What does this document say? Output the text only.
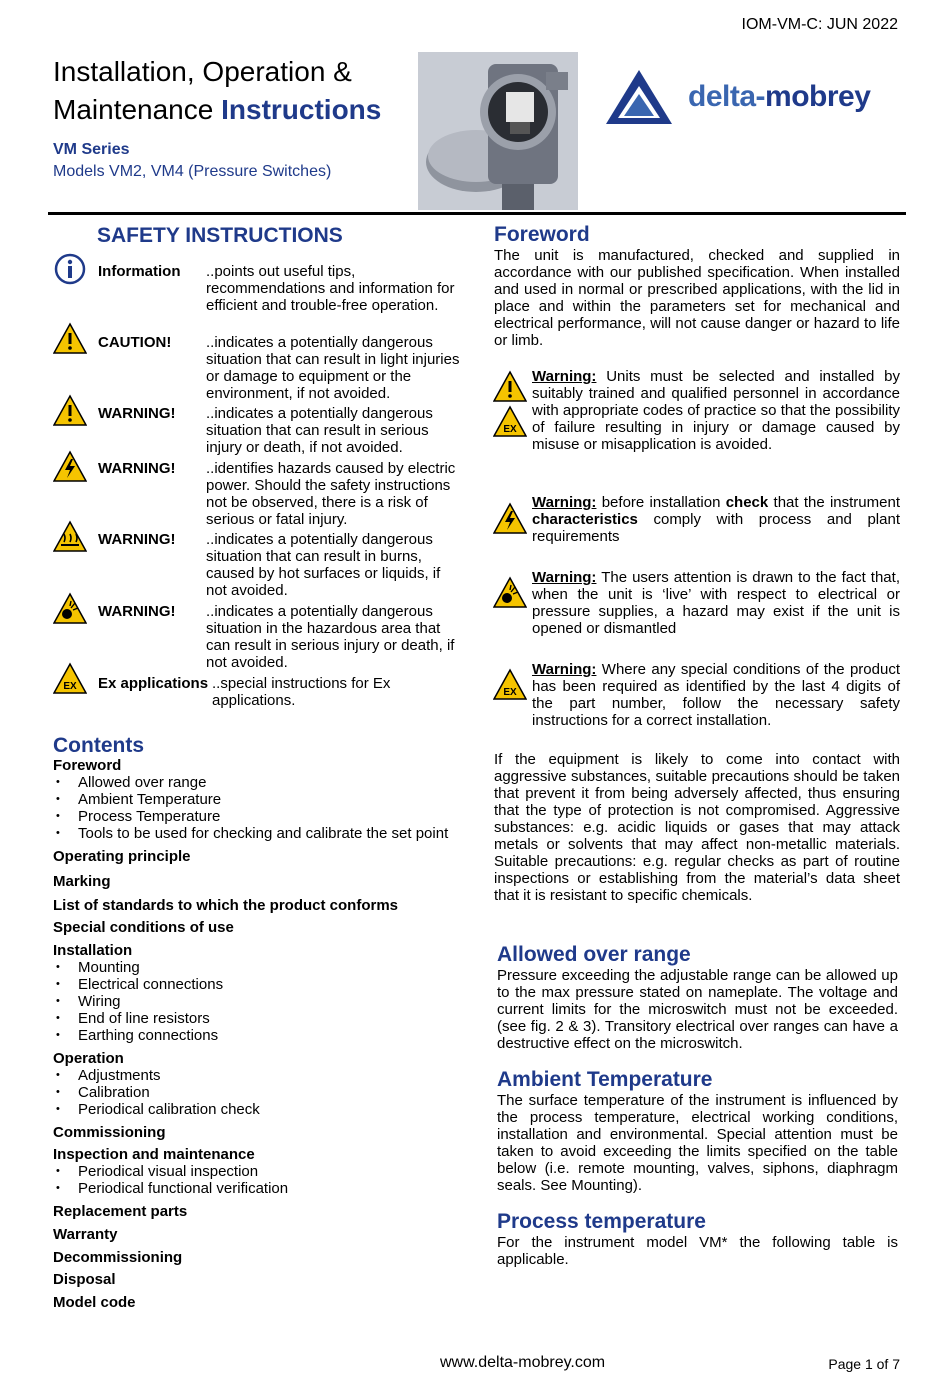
IOM-VM-C: JUN 2022
Installation, Operation &
Maintenance Instructions
VM Series
Models VM2, VM4 (Pressure Switches)
delta-mobrey
SAFETY INSTRUCTIONS
Information ..points out useful tips, recommendations and information for efficient and trouble-free operation.
CAUTION! ..indicates a potentially dangerous situation that can result in light injuries or damage to equipment or the environment, if not avoided.
WARNING! ..indicates a potentially dangerous situation that can result in serious injury or death, if not avoided.
WARNING! ..identifies hazards caused by electric power. Should the safety instructions not be observed, there is a risk of serious or fatal injury.
WARNING! ..indicates a potentially dangerous situation that can result in burns, caused by hot surfaces or liquids, if not avoided.
WARNING! ..indicates a potentially dangerous situation in the hazardous area that can result in serious injury or death, if not avoided.
EX Ex applications ..special instructions for Ex applications.
Contents
Foreword
• Allowed over range
• Ambient Temperature
• Process Temperature
• Tools to be used for checking and calibrate the set point
Operating principle
Marking
List of standards to which the product conforms
Special conditions of use
Installation
• Mounting
• Electrical connections
• Wiring
• End of line resistors
• Earthing connections
Operation
• Adjustments
• Calibration
• Periodical calibration check
Commissioning
Inspection and maintenance
• Periodical visual inspection
• Periodical functional verification
Replacement parts
Warranty
Decommissioning
Disposal
Model code
Foreword
The unit is manufactured, checked and supplied in accordance with our published specification. When installed and used in normal or prescribed applications, with the lid in place and within the parameters set for mechanical and electrical performance, will not cause danger or hazard to life or limb.
EX
Warning: Units must be selected and installed by suitably trained and qualified personnel in accordance with appropriate codes of practice so that the possibility of failure resulting in injury or damage caused by misuse or misapplication is avoided.
Warning: before installation check that the instrument characteristics comply with process and plant requirements
Warning: The users attention is drawn to the fact that, when the unit is ‘live’ with respect to electrical or pressure supplies, a hazard may exist if the unit is opened or dismantled
EX
Warning: Where any special conditions of the product has been required as identified by the last 4 digits of the part number, follow the necessary safety instructions for a correct installation.
If the equipment is likely to come into contact with aggressive substances, suitable precautions should be taken that prevent it from being adversely affected, thus ensuring that the type of protection is not compromised. Aggressive substances: e.g. acidic liquids or gases that may attack metals or solvents that may affect non-metallic materials. Suitable precautions: e.g. regular checks as part of routine inspections or establishing from the material’s data sheet that it is resistant to specific chemicals.
Allowed over range
Pressure exceeding the adjustable range can be allowed up to the max pressure stated on nameplate. The voltage and current limits for the microswitch must not be exceeded. (see fig. 2 & 3). Transitory electrical over ranges can have a destructive effect on the microswitch.
Ambient Temperature
The surface temperature of the instrument is influenced by the process temperature, electrical working conditions, installation and environmental. Special attention must be taken to avoid exceeding the limits specified on the table below (i.e. remote mounting, valves, siphons, diaphragm seals. See Mounting).
Process temperature
For the instrument model VM* the following table is applicable.
www.delta-mobrey.com	Page 1 of 7
